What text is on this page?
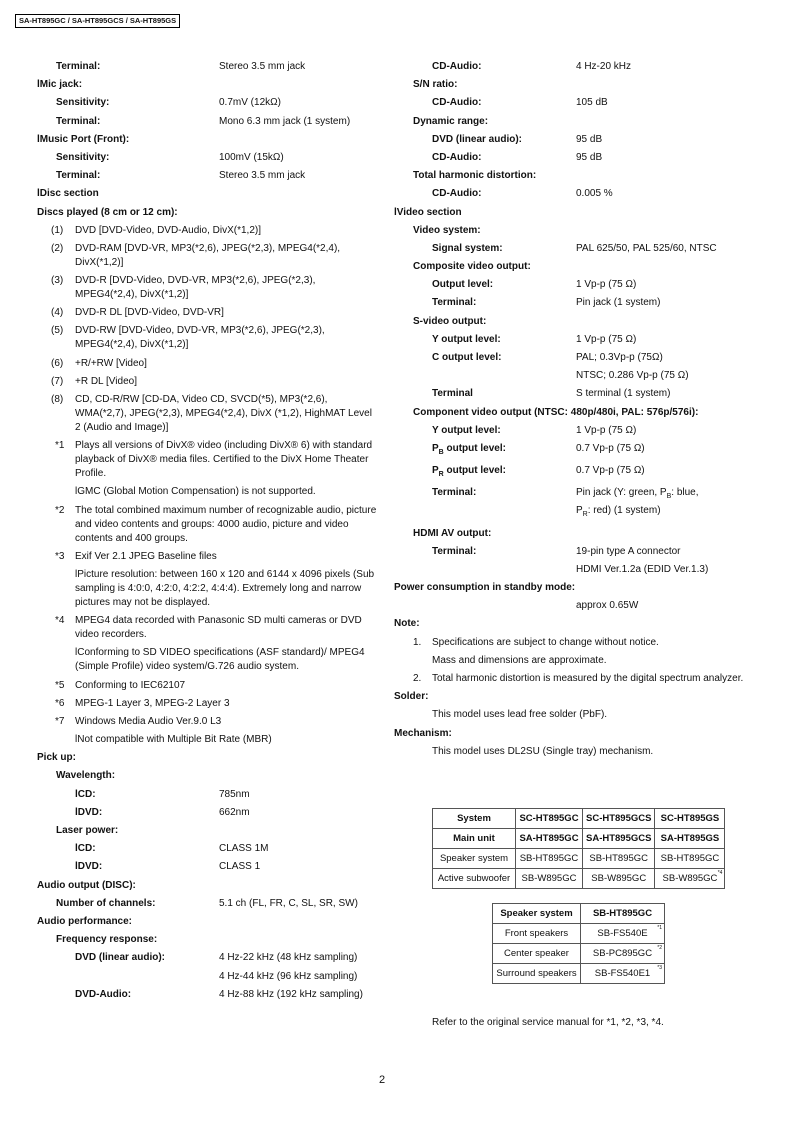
SA-HT895GC / SA-HT895GCS / SA-HT895GS
Terminal:	Stereo 3.5 mm jack
lMic jack:
Sensitivity:	0.7mV (12kΩ)
Terminal:	Mono 6.3 mm jack (1 system)
lMusic Port (Front):
Sensitivity:	100mV (15kΩ)
Terminal:	Stereo 3.5 mm jack
lDisc section
Discs played (8 cm or 12 cm):
(1)	DVD [DVD-Video, DVD-Audio, DivX(*1,2)]
(2)	DVD-RAM [DVD-VR, MP3(*2,6), JPEG(*2,3), MPEG4(*2,4), DivX(*1,2)]
(3)	DVD-R [DVD-Video, DVD-VR, MP3(*2,6), JPEG(*2,3), MPEG4(*2,4), DivX(*1,2)]
(4)	DVD-R DL [DVD-Video, DVD-VR]
(5)	DVD-RW [DVD-Video, DVD-VR, MP3(*2,6), JPEG(*2,3), MPEG4(*2,4), DivX(*1,2)]
(6)	+R/+RW [Video]
(7)	+R DL [Video]
(8)	CD, CD-R/RW [CD-DA, Video CD, SVCD(*5), MP3(*2,6), WMA(*2,7), JPEG(*2,3), MPEG4(*2,4), DivX (*1,2), HighMAT Level 2 (Audio and Image)]
*1	Plays all versions of DivX® video (including DivX® 6) with standard playback of DivX® media files. Certified to the DivX Home Theater Profile.
lGMC (Global Motion Compensation) is not supported.
*2	The total combined maximum number of recognizable audio, picture and video contents and groups: 4000 audio, picture and video contents and 400 groups.
*3	Exif Ver 2.1 JPEG Baseline files
lPicture resolution: between 160 x 120 and 6144 x 4096 pixels (Sub sampling is 4:0:0, 4:2:0, 4:2:2, 4:4:4). Extremely long and narrow pictures may not be displayed.
*4	MPEG4 data recorded with Panasonic SD multi cameras or DVD video recorders.
lConforming to SD VIDEO specifications (ASF standard)/ MPEG4 (Simple Profile) video system/G.726 audio system.
*5	Conforming to IEC62107
*6	MPEG-1 Layer 3, MPEG-2 Layer 3
*7	Windows Media Audio Ver.9.0 L3
lNot compatible with Multiple Bit Rate (MBR)
Pick up:
Wavelength:
lCD:	785nm
lDVD:	662nm
Laser power:
lCD:	CLASS 1M
lDVD:	CLASS 1
Audio output (DISC):
Number of channels:	5.1 ch (FL, FR, C, SL, SR, SW)
Audio performance:
Frequency response:
DVD (linear audio):	4 Hz-22 kHz (48 kHz sampling)
4 Hz-44 kHz (96 kHz sampling)
DVD-Audio:	4 Hz-88 kHz (192 kHz sampling)
CD-Audio:	4 Hz-20 kHz
S/N ratio:
CD-Audio:	105 dB
Dynamic range:
DVD (linear audio):	95 dB
CD-Audio:	95 dB
Total harmonic distortion:
CD-Audio:	0.005 %
lVideo section
Video system:
Signal system:	PAL 625/50, PAL 525/60, NTSC
Composite video output:
Output level:	1 Vp-p (75 Ω)
Terminal:	Pin jack (1 system)
S-video output:
Y output level:	1 Vp-p (75 Ω)
C output level:	PAL; 0.3Vp-p (75Ω)
NTSC; 0.286 Vp-p (75 Ω)
Terminal	S terminal (1 system)
Component video output (NTSC: 480p/480i, PAL: 576p/576i):
Y output level:	1 Vp-p (75 Ω)
$P_B$ output level:	0.7 Vp-p (75 Ω)
$P_R$ output level:	0.7 Vp-p (75 Ω)
Terminal:	Pin jack (Y: green, $P_B$: blue,
$P_R$: red) (1 system)
HDMI AV output:
Terminal:	19-pin type A connector
HDMI Ver.1.2a (EDID Ver.1.3)
Power consumption in standby mode:
approx 0.65W
Note:
1.	Specifications are subject to change without notice.
Mass and dimensions are approximate.
2.	Total harmonic distortion is measured by the digital spectrum analyzer.
Solder:
This model uses lead free solder (PbF).
Mechanism:
This model uses DL2SU (Single tray) mechanism.
System	SC-HT895GC	SC-HT895GCS	SC-HT895GS
Main unit	SA-HT895GC	SA-HT895GCS	SA-HT895GS
Speaker system	SB-HT895GC	SB-HT895GC	SB-HT895GC
Active subwoofer	SB-W895GC	SB-W895GC	SB-W895GC *4
Speaker system	SB-HT895GC
Front speakers	SB-FS540E *1

Center speaker	SB-PC895GC *2

Surround speakers	SB-FS540E1 *3
Refer to the original service manual for *1, *2, *3, *4.
2
